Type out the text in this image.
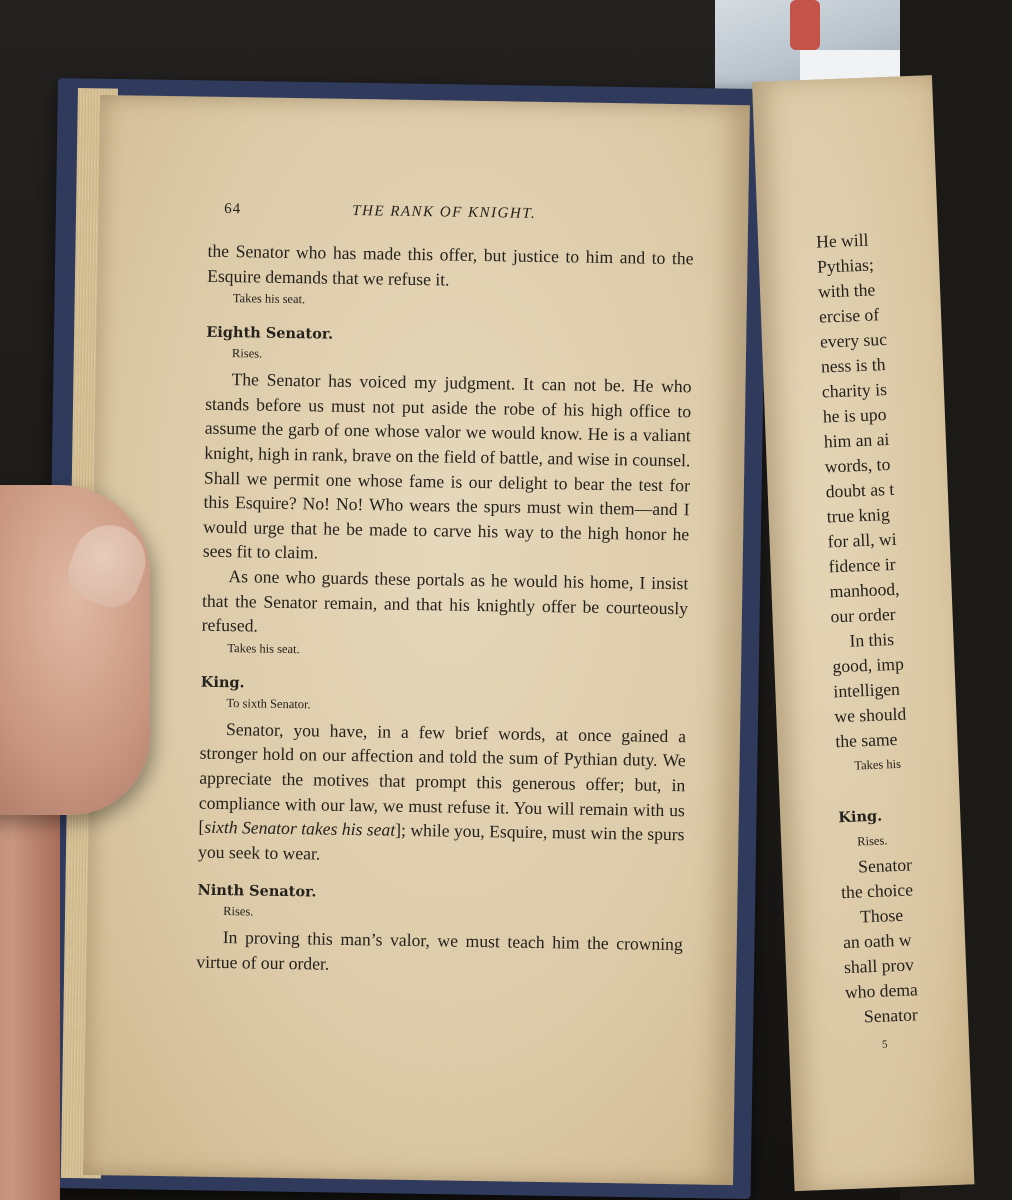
64	THE RANK OF KNIGHT.

the Senator who has made this offer, but justice to him and to the Esquire demands that we refuse it.

Takes his seat.
Eighth Senator.
Rises.

The Senator has voiced my judgment. It can not be. He who stands before us must not put aside the robe of his high office to assume the garb of one whose valor we would know. He is a valiant knight, high in rank, brave on the field of battle, and wise in counsel. Shall we permit one whose fame is our delight to bear the test for this Esquire? No! No! Who wears the spurs must win them—and I would urge that he be made to carve his way to the high honor he sees fit to claim.

As one who guards these portals as he would his home, I insist that the Senator remain, and that his knightly offer be courteously refused.

Takes his seat.
King.
To sixth Senator.

Senator, you have, in a few brief words, at once gained a stronger hold on our affection and told the sum of Pythian duty. We appreciate the motives that prompt this generous offer; but, in compliance with our law, we must refuse it. You will remain with us [sixth Senator takes his seat]; while you, Esquire, must win the spurs you seek to wear.

Ninth Senator.
Rises.

In proving this man’s valor, we must teach him the crowning virtue of our order.

He will
Pythias;
with the
ercise of
every suc
ness is th
charity is
he is upo
him an ai
words, to
doubt as t
true knig
for all, wi
fidence ir
manhood,
our order
In this
good, imp
intelligen
we should
the same
Takes his
King.
Rises.
Senator
the choice
Those
an oath w
shall prov
who dema
Senator
5
